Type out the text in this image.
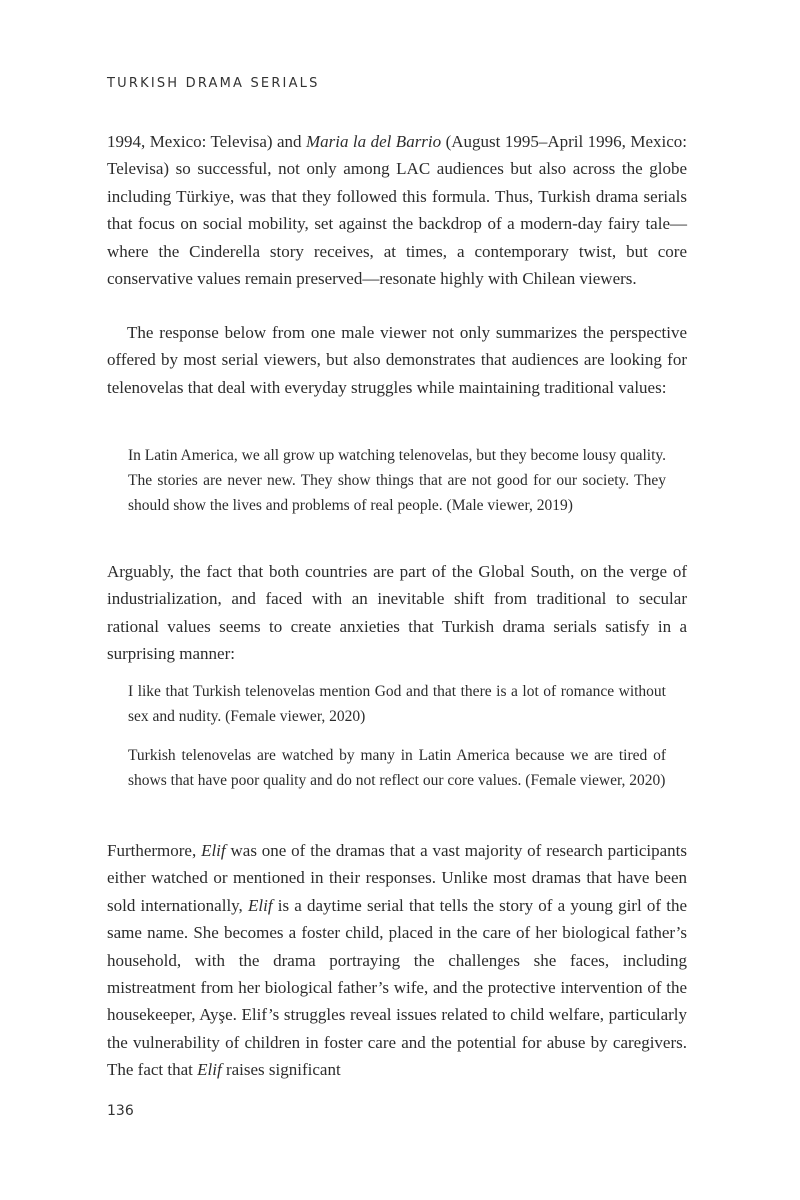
TURKISH DRAMA SERIALS

1994, Mexico: Televisa) and Maria la del Barrio (August 1995–April 1996, Mexico: Televisa) so successful, not only among LAC audiences but also across the globe including Türkiye, was that they followed this formula. Thus, Turkish drama serials that focus on social mobility, set against the backdrop of a modern-day fairy tale—where the Cinderella story receives, at times, a contemporary twist, but core conservative values remain preserved—resonate highly with Chilean viewers.

The response below from one male viewer not only summarizes the perspective offered by most serial viewers, but also demonstrates that audiences are looking for telenovelas that deal with everyday struggles while maintaining traditional values:

In Latin America, we all grow up watching telenovelas, but they become lousy quality. The stories are never new. They show things that are not good for our society. They should show the lives and problems of real people. (Male viewer, 2019)

Arguably, the fact that both countries are part of the Global South, on the verge of industrialization, and faced with an inevitable shift from traditional to secular rational values seems to create anxieties that Turkish drama serials satisfy in a surprising manner:

I like that Turkish telenovelas mention God and that there is a lot of romance without sex and nudity. (Female viewer, 2020)

Turkish telenovelas are watched by many in Latin America because we are tired of shows that have poor quality and do not reflect our core values. (Female viewer, 2020)

Furthermore, Elif was one of the dramas that a vast majority of research participants either watched or mentioned in their responses. Unlike most dramas that have been sold internationally, Elif is a daytime serial that tells the story of a young girl of the same name. She becomes a foster child, placed in the care of her biological father’s household, with the drama portraying the challenges she faces, including mistreatment from her biological father’s wife, and the protective intervention of the housekeeper, Ayşe. Elif’s struggles reveal issues related to child welfare, particularly the vulnerability of children in foster care and the potential for abuse by caregivers. The fact that Elif raises significant

136
